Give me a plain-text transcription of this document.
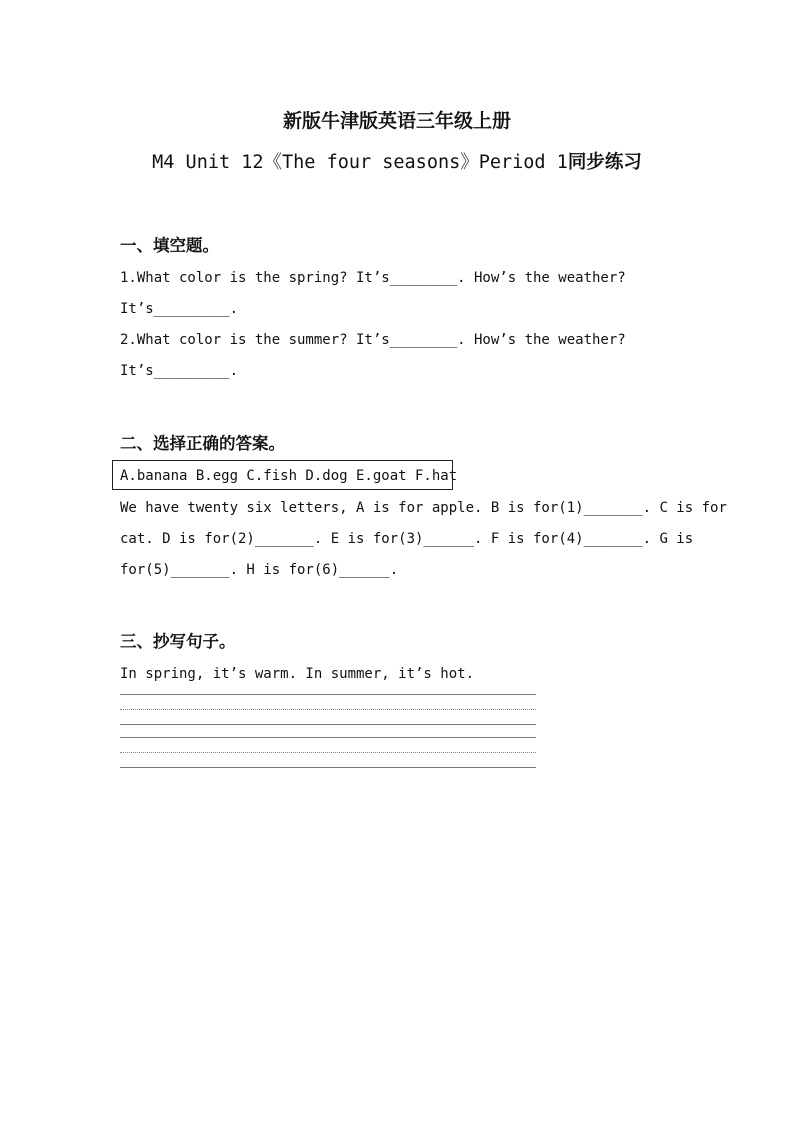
新版牛津版英语三年级上册
M4 Unit 12《The four seasons》Period 1同步练习
一、填空题。
1.What color is the spring? It’s________. How’s the weather?
It’s_________.
2.What color is the summer? It’s________. How’s the weather?
It’s_________.
二、选择正确的答案。
A.banana B.egg C.fish D.dog E.goat F.hat
We have twenty six letters, A is for apple. B is for(1)_______. C is for
cat. D is for(2)_______. E is for(3)______. F is for(4)_______. G is
for(5)_______. H is for(6)______.
三、抄写句子。
In spring, it’s warm. In summer, it’s hot.
